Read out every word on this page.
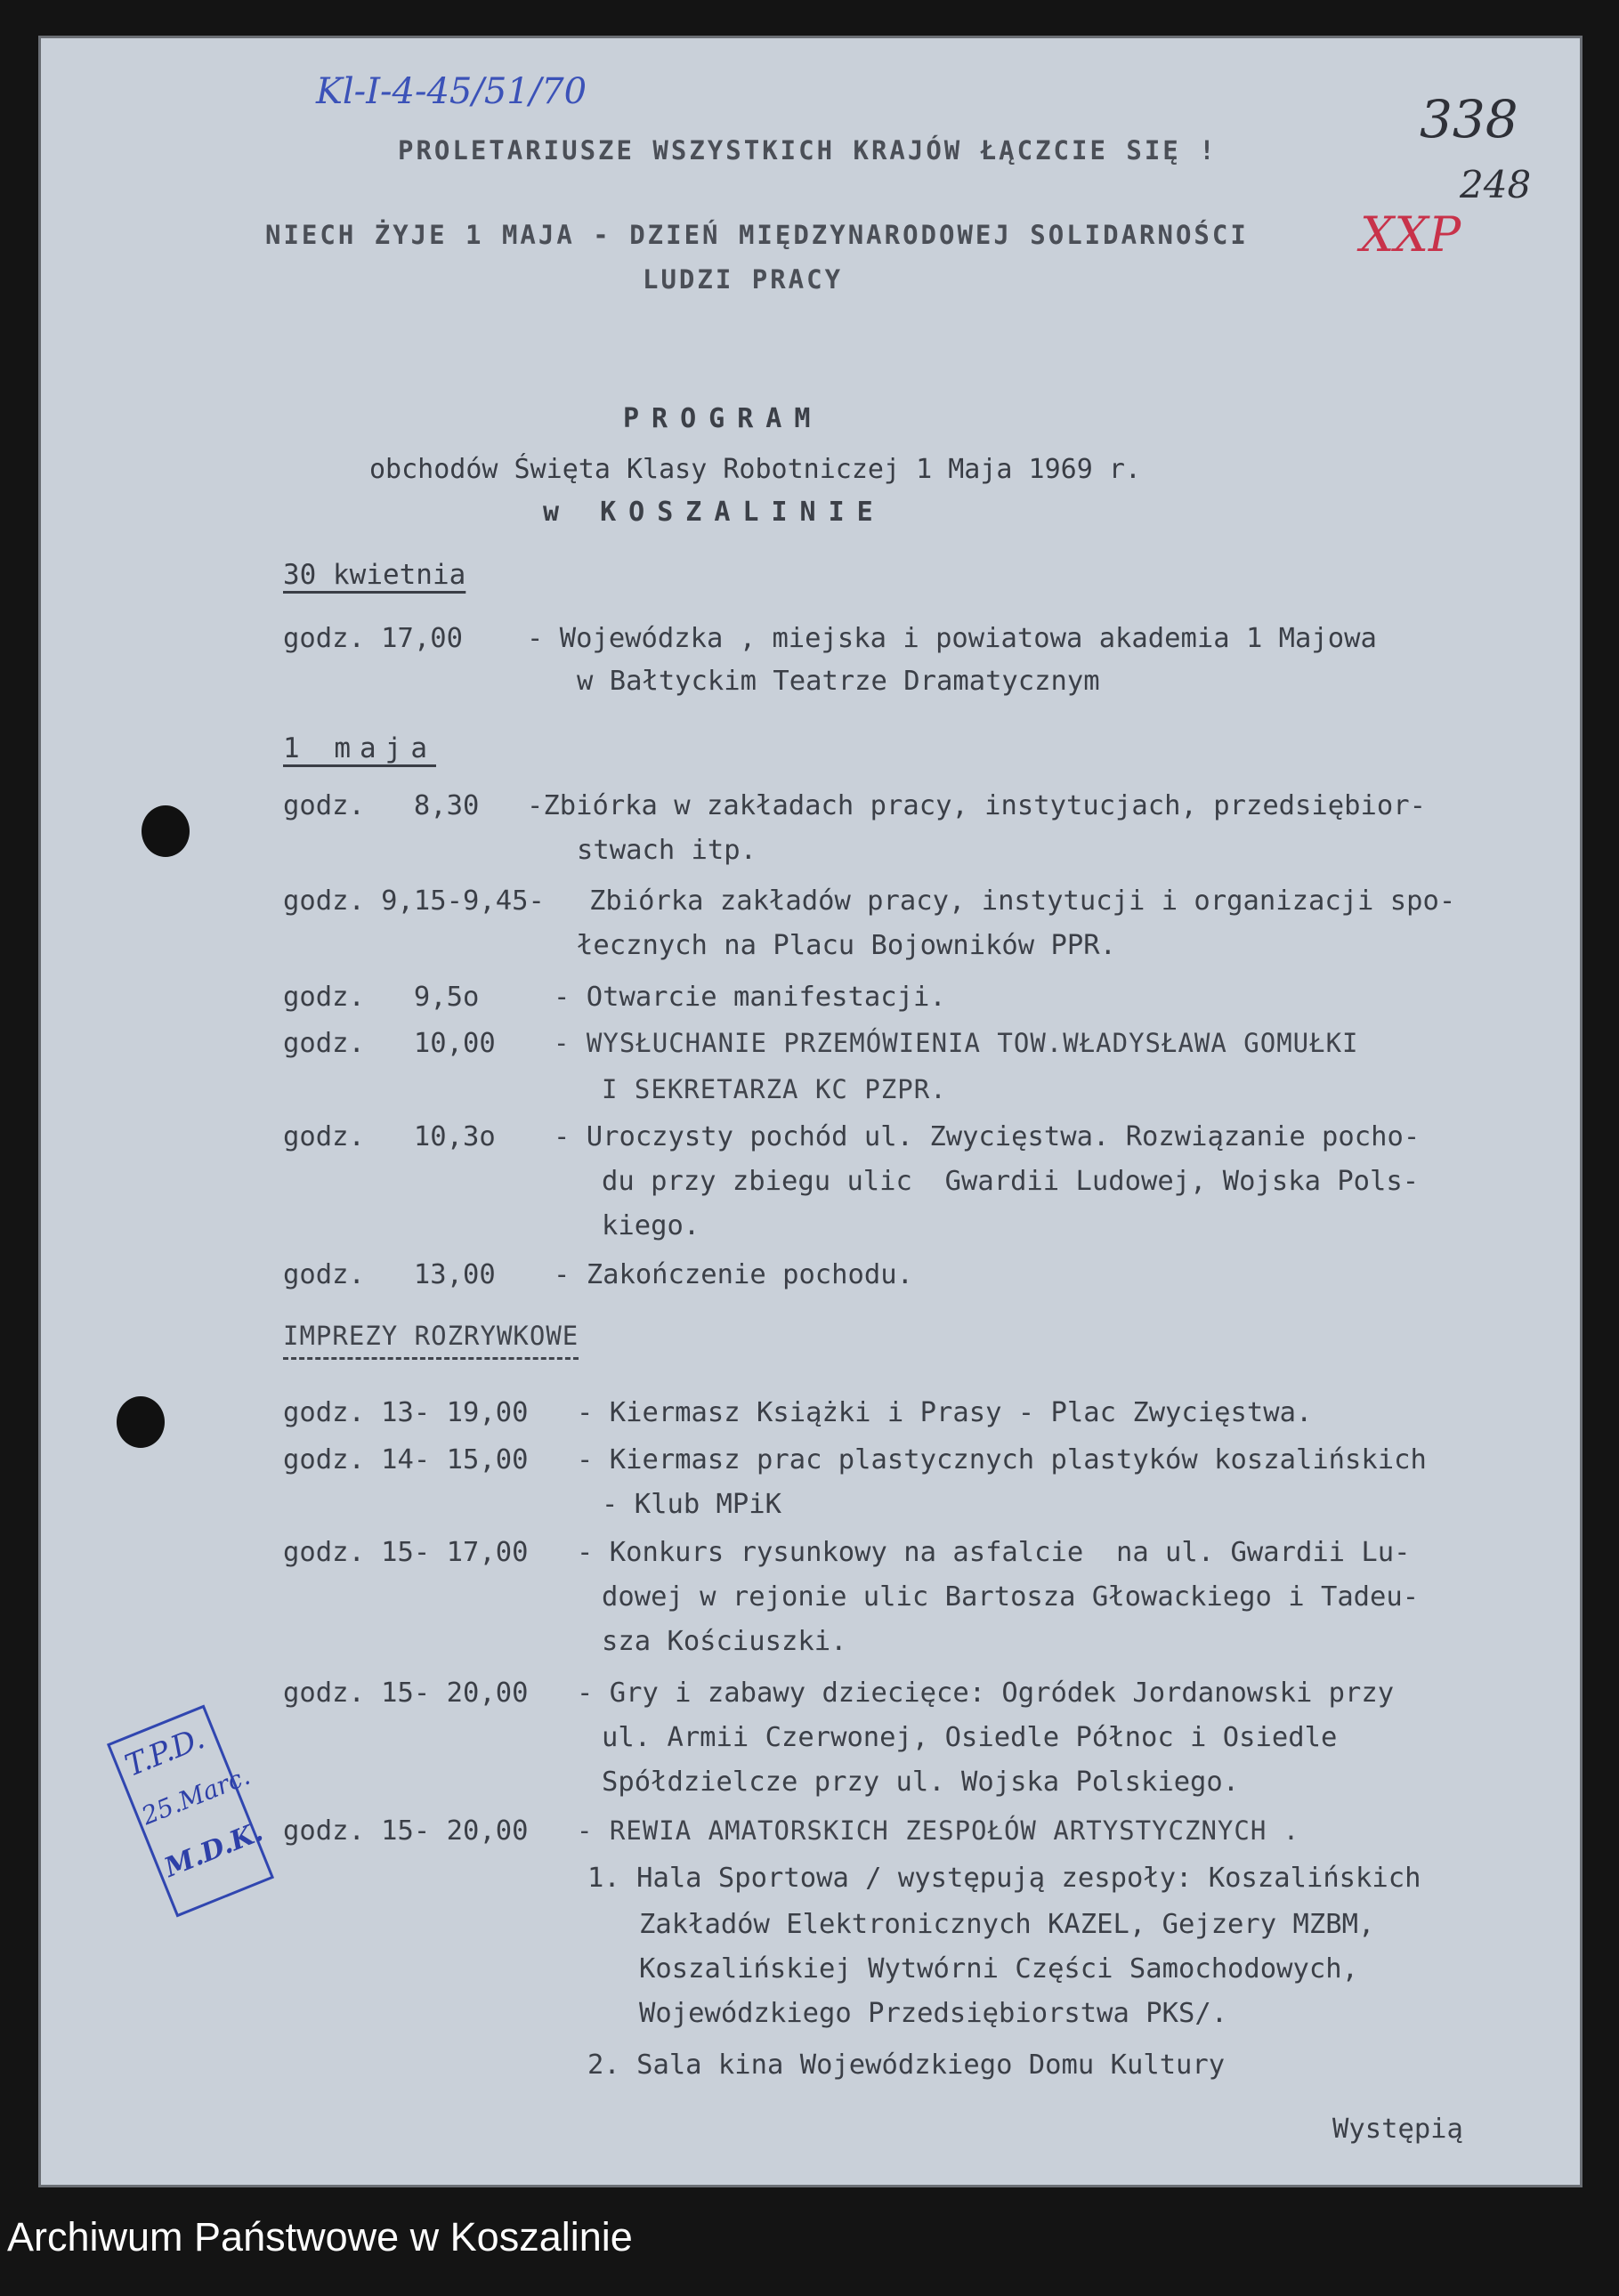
Kl-I-4-45/51/70	338
248
XXP
PROLETARIUSZE WSZYSTKICH KRAJÓW ŁĄCZCIE SIĘ !
NIECH ŻYJE 1 MAJA - DZIEŃ MIĘDZYNARODOWEJ SOLIDARNOŚCI
LUDZI PRACY
PROGRAM
obchodów Święta Klasy Robotniczej 1 Maja 1969 r.
w KOSZALINIE
30 kwietnia
godz. 17,00 - Wojewódzka , miejska i powiatowa akademia 1 Majowa
w Bałtyckim Teatrze Dramatycznym
1 maja
godz.   8,30 -Zbiórka w zakładach pracy, instytucjach, przedsiębior-
stwach itp.
godz. 9,15-9,45- Zbiórka zakładów pracy, instytucji i organizacji spo-
łecznych na Placu Bojowników PPR.
godz.   9,5o	- Otwarcie manifestacji.
godz.   10,00 - WYSŁUCHANIE PRZEMÓWIENIA TOW.WŁADYSŁAWA GOMUŁKI
I SEKRETARZA KC PZPR.
godz.   10,3o - Uroczysty pochód ul. Zwycięstwa. Rozwiązanie pocho-
du przy zbiegu ulic  Gwardii Ludowej, Wojska Pols-
kiego.
godz.   13,00 - Zakończenie pochodu.
IMPREZY ROZRYWKOWE
godz. 13- 19,00 - Kiermasz Książki i Prasy - Plac Zwycięstwa.
godz. 14- 15,00 - Kiermasz prac plastycznych plastyków koszalińskich
- Klub MPiK
godz. 15- 17,00 - Konkurs rysunkowy na asfalcie  na ul. Gwardii Lu-
dowej w rejonie ulic Bartosza Głowackiego i Tadeu-
sza Kościuszki.
godz. 15- 20,00 - Gry i zabawy dziecięce: Ogródek Jordanowski przy
ul. Armii Czerwonej, Osiedle Północ i Osiedle
Spółdzielcze przy ul. Wojska Polskiego.
godz. 15- 20,00 - REWIA AMATORSKICH ZESPOŁÓW ARTYSTYCZNYCH .
1. Hala Sportowa / występują zespoły: Koszalińskich
Zakładów Elektronicznych KAZEL, Gejzery MZBM,
Koszalińskiej Wytwórni Części Samochodowych,
Wojewódzkiego Przedsiębiorstwa PKS/.
2. Sala kina Wojewódzkiego Domu Kultury
Występią
T.P.D.
25.Marc.
M.D.K.
Archiwum Państwowe w Koszalinie
